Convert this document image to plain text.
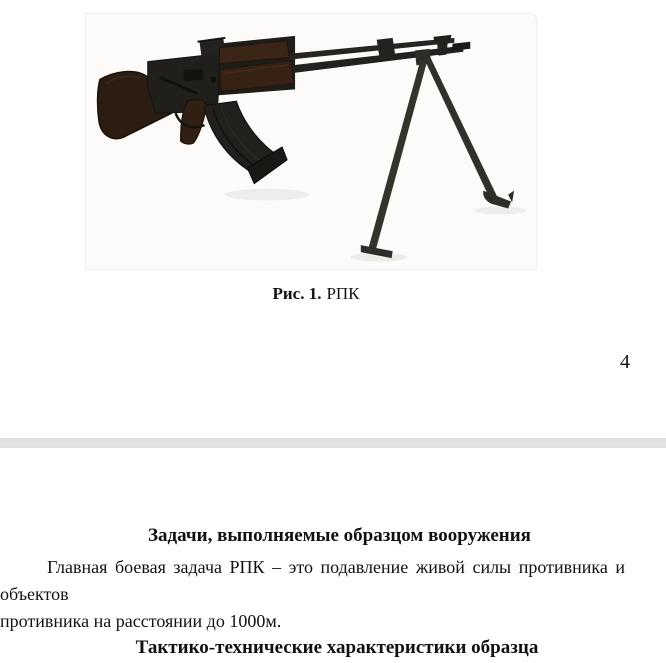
Рис. 1. РПК
4
Задачи, выполняемые образцом вооружения

Главная боевая задача РПК – это подавление живой силы противника и объектов
противника на расстоянии до 1000м.

Тактико-технические характеристики образца
